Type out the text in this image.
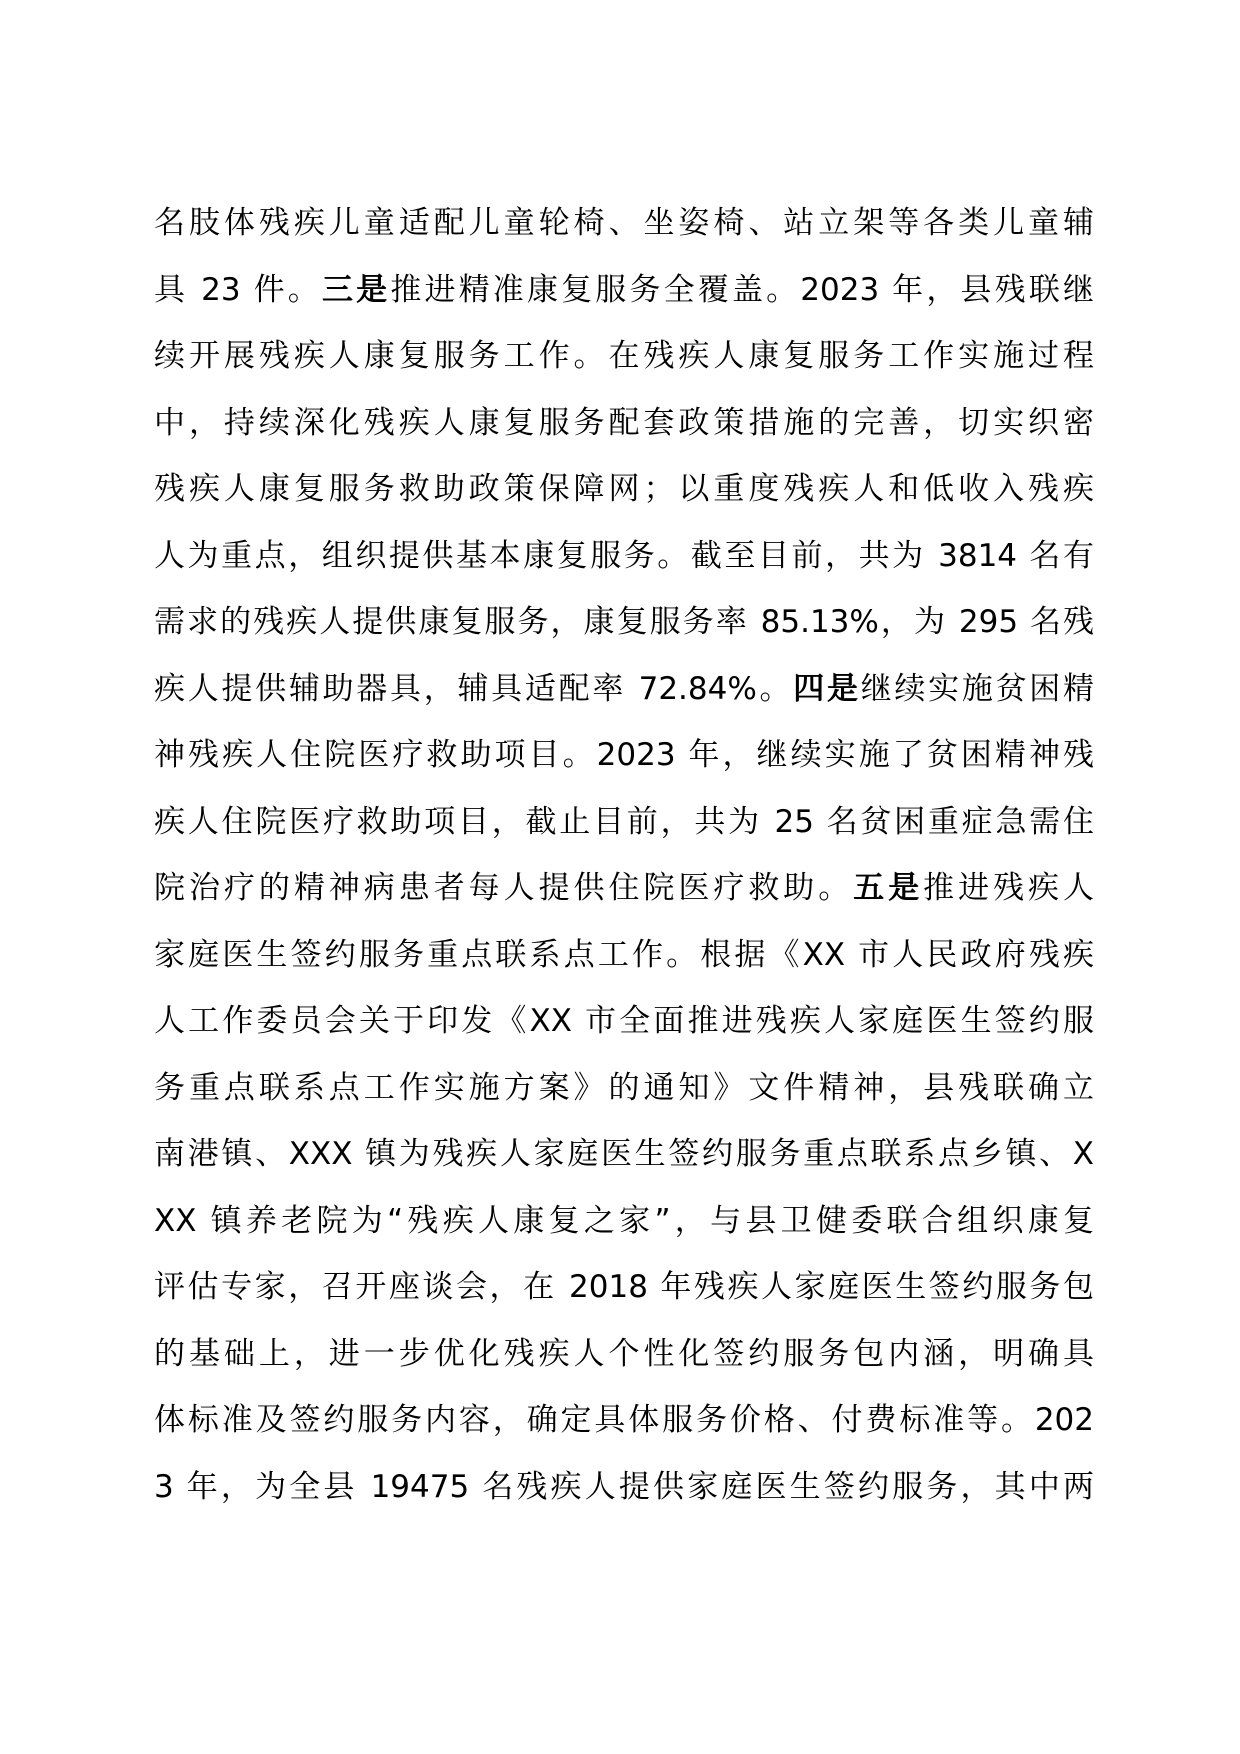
名肢体残疾儿童适配儿童轮椅、坐姿椅、站立架等各类儿童辅
具 23 件。三是推进精准康复服务全覆盖。2023 年，县残联继
续开展残疾人康复服务工作。在残疾人康复服务工作实施过程
中，持续深化残疾人康复服务配套政策措施的完善，切实织密
残疾人康复服务救助政策保障网；以重度残疾人和低收入残疾
人为重点，组织提供基本康复服务。截至目前，共为 3814 名有
需求的残疾人提供康复服务，康复服务率 85.13%，为 295 名残
疾人提供辅助器具，辅具适配率 72.84%。四是继续实施贫困精
神残疾人住院医疗救助项目。2023 年，继续实施了贫困精神残
疾人住院医疗救助项目，截止目前，共为 25 名贫困重症急需住
院治疗的精神病患者每人提供住院医疗救助。五是推进残疾人
家庭医生签约服务重点联系点工作。根据《XX 市人民政府残疾
人工作委员会关于印发《XX 市全面推进残疾人家庭医生签约服
务重点联系点工作实施方案》的通知》文件精神，县残联确立
南港镇、XXX 镇为残疾人家庭医生签约服务重点联系点乡镇、X
XX 镇养老院为“残疾人康复之家”，与县卫健委联合组织康复
评估专家，召开座谈会，在 2018 年残疾人家庭医生签约服务包
的基础上，进一步优化残疾人个性化签约服务包内涵，明确具
体标准及签约服务内容，确定具体服务价格、付费标准等。202
3 年，为全县 19475 名残疾人提供家庭医生签约服务，其中两
